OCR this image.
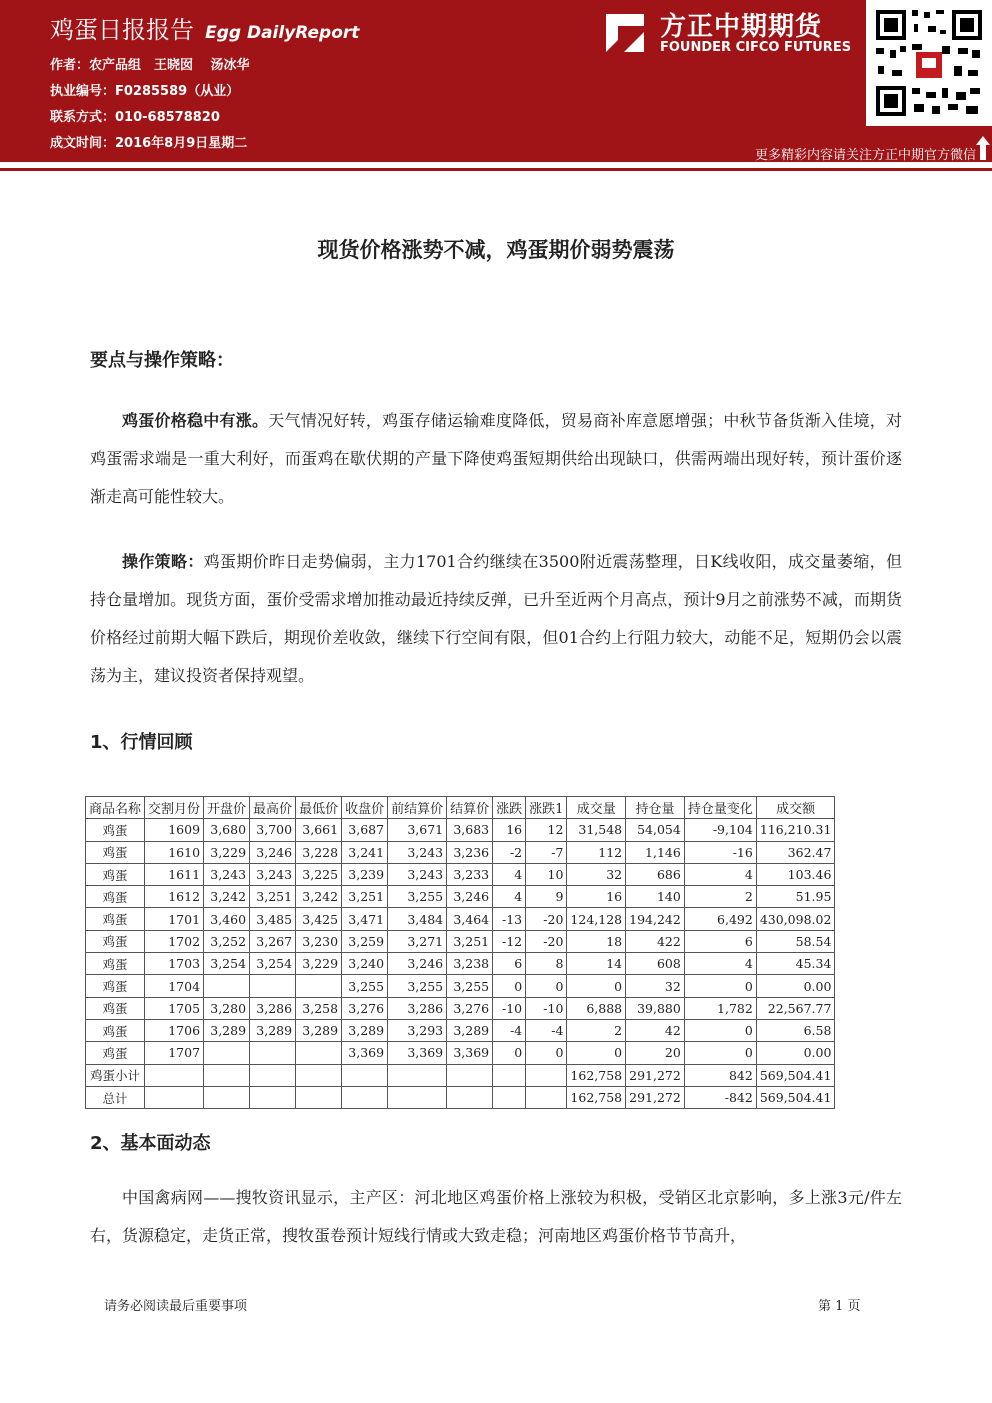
鸡蛋日报报告 Egg DailyReport
作者：农产品组　王晓囡　 汤冰华
执业编号：F0285589（从业）
联系方式：010-68578820
成文时间：2016年8月9日星期二
方正中期期货
FOUNDER CIFCO FUTURES
更多精彩内容请关注方正中期官方微信
现货价格涨势不减，鸡蛋期价弱势震荡
要点与操作策略：
鸡蛋价格稳中有涨。天气情况好转，鸡蛋存储运输难度降低，贸易商补库意愿增强；中秋节备货渐入佳境，对鸡蛋需求端是一重大利好，而蛋鸡在歇伏期的产量下降使鸡蛋短期供给出现缺口，供需两端出现好转，预计蛋价逐渐走高可能性较大。
操作策略：鸡蛋期价昨日走势偏弱，主力1701合约继续在3500附近震荡整理，日K线收阳，成交量萎缩，但持仓量增加。现货方面，蛋价受需求增加推动最近持续反弹，已升至近两个月高点，预计9月之前涨势不减，而期货价格经过前期大幅下跌后，期现价差收敛，继续下行空间有限，但01合约上行阻力较大，动能不足，短期仍会以震荡为主，建议投资者保持观望。
1、行情回顾
商品名称	交割月份	开盘价	最高价	最低价	收盘价	前结算价	结算价	涨跌	涨跌1	成交量	持仓量	持仓量变化	成交额
鸡蛋	1609	3,680	3,700	3,661	3,687	3,671	3,683	16	12	31,548	54,054	-9,104	116,210.31
鸡蛋	1610	3,229	3,246	3,228	3,241	3,243	3,236	-2	-7	112	1,146	-16	362.47
鸡蛋	1611	3,243	3,243	3,225	3,239	3,243	3,233	4	10	32	686	4	103.46
鸡蛋	1612	3,242	3,251	3,242	3,251	3,255	3,246	4	9	16	140	2	51.95
鸡蛋	1701	3,460	3,485	3,425	3,471	3,484	3,464	-13	-20	124,128	194,242	6,492	430,098.02
鸡蛋	1702	3,252	3,267	3,230	3,259	3,271	3,251	-12	-20	18	422	6	58.54
鸡蛋	1703	3,254	3,254	3,229	3,240	3,246	3,238	6	8	14	608	4	45.34
鸡蛋	1704				3,255	3,255	3,255	0	0	0	32	0	0.00
鸡蛋	1705	3,280	3,286	3,258	3,276	3,286	3,276	-10	-10	6,888	39,880	1,782	22,567.77
鸡蛋	1706	3,289	3,289	3,289	3,289	3,293	3,289	-4	-4	2	42	0	6.58
鸡蛋	1707				3,369	3,369	3,369	0	0	0	20	0	0.00
鸡蛋小计										162,758	291,272	842	569,504.41
总计										162,758	291,272	-842	569,504.41
2、基本面动态
中国禽病网——搜牧资讯显示，主产区：河北地区鸡蛋价格上涨较为积极，受销区北京影响，多上涨3元/件左右，货源稳定，走货正常，搜牧蛋卷预计短线行情或大致走稳；河南地区鸡蛋价格节节高升，
请务必阅读最后重要事项	第 1 页
